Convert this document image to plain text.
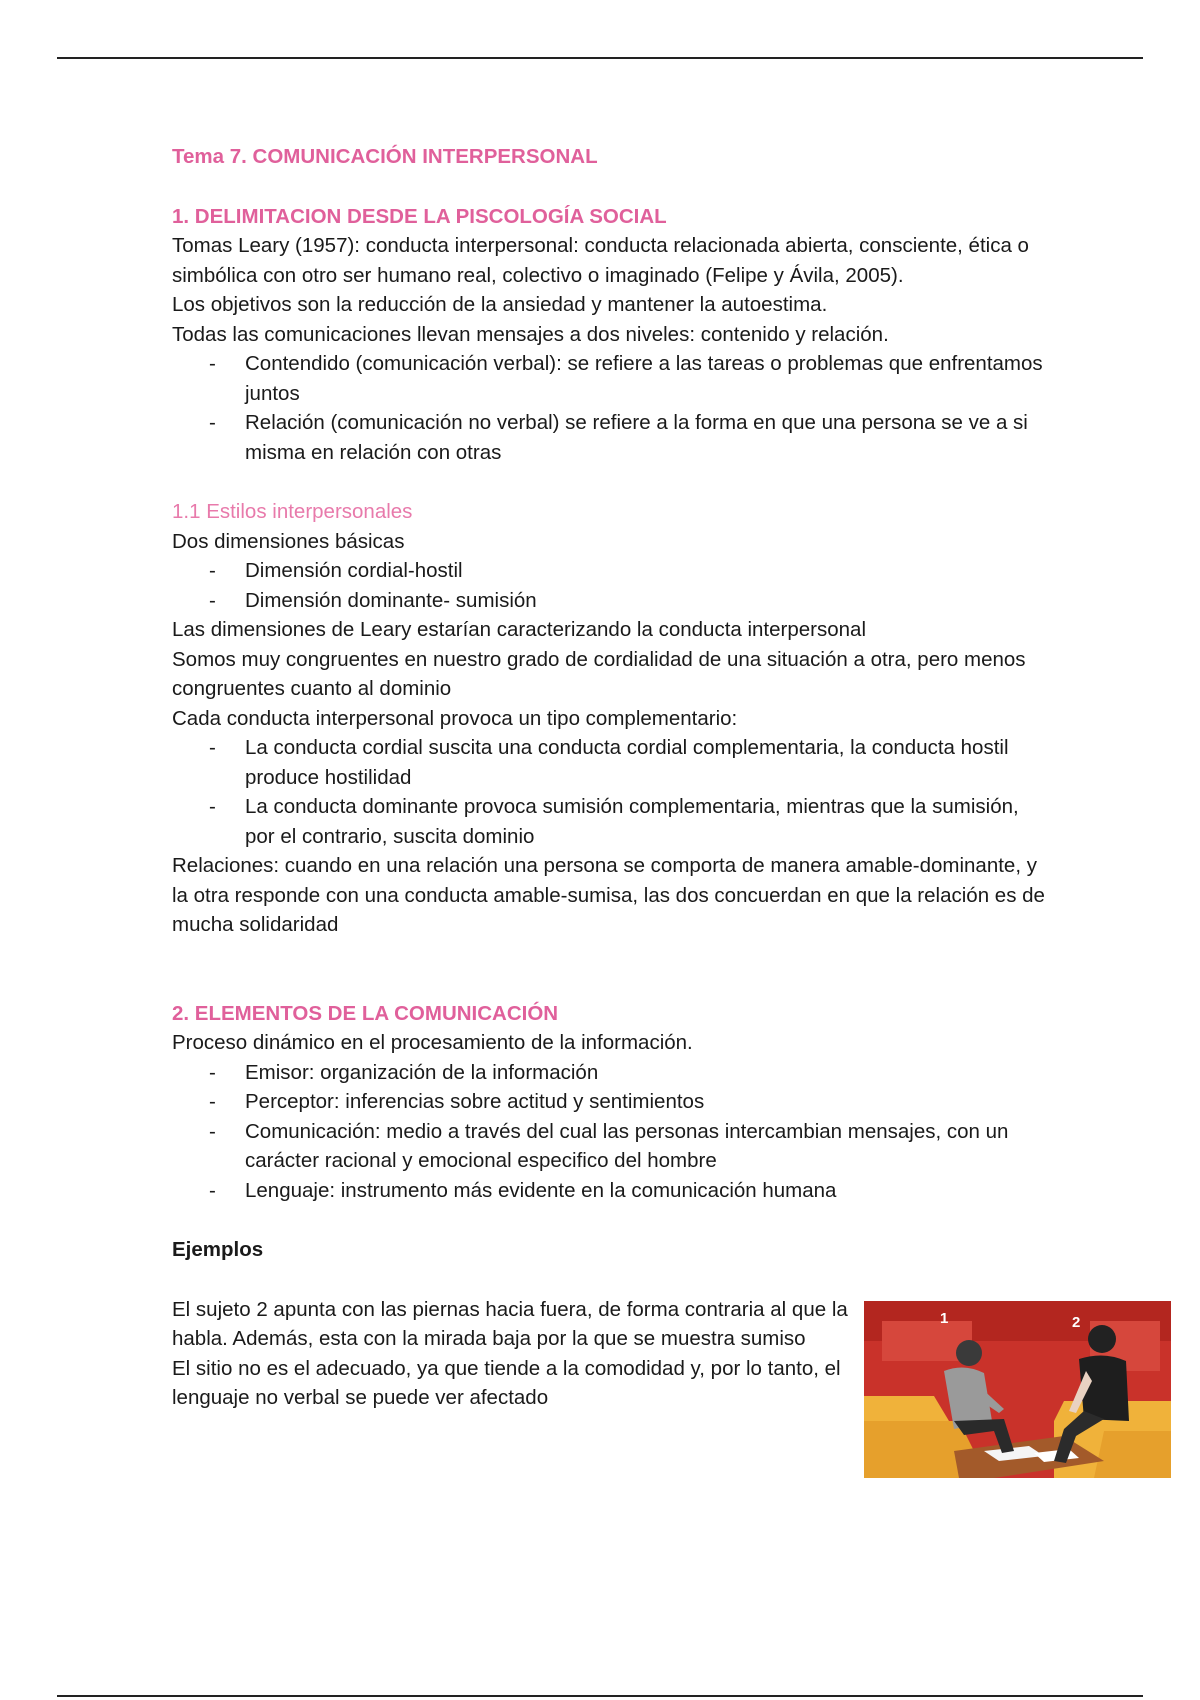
Tema 7. COMUNICACIÓN INTERPERSONAL

1. DELIMITACION DESDE LA PISCOLOGÍA SOCIAL

Tomas Leary (1957): conducta interpersonal: conducta relacionada abierta, consciente, ética o simbólica con otro ser humano real, colectivo o imaginado (Felipe y Ávila, 2005).

Los objetivos son la reducción de la ansiedad y mantener la autoestima.

Todas las comunicaciones llevan mensajes a dos niveles: contenido y relación.

- Contendido (comunicación verbal): se refiere a las tareas o problemas que enfrentamos juntos
- Relación (comunicación no verbal) se refiere a la forma en que una persona se ve a si misma en relación con otras

1.1 Estilos interpersonales

Dos dimensiones básicas

- Dimensión cordial-hostil
- Dimensión dominante- sumisión

Las dimensiones de Leary estarían caracterizando la conducta interpersonal

Somos muy congruentes en nuestro grado de cordialidad de una situación a otra, pero menos congruentes cuanto al dominio

Cada conducta interpersonal provoca un tipo complementario:

- La conducta cordial suscita una conducta cordial complementaria, la conducta hostil produce hostilidad
- La conducta dominante provoca sumisión complementaria, mientras que la sumisión, por el contrario, suscita dominio

Relaciones: cuando en una relación una persona se comporta de manera amable-dominante, y la otra responde con una conducta amable-sumisa, las dos concuerdan en que la relación es de mucha solidaridad

2. ELEMENTOS DE LA COMUNICACIÓN

Proceso dinámico en el procesamiento de la información.

- Emisor: organización de la información
- Perceptor: inferencias sobre actitud y sentimientos
- Comunicación: medio a través del cual las personas intercambian mensajes, con un carácter racional y emocional especifico del hombre
- Lenguaje: instrumento más evidente en la comunicación humana

Ejemplos

El sujeto 2 apunta con las piernas hacia fuera, de forma contraria al que la habla. Además, esta con la mirada baja por la que se muestra sumiso

El sitio no es el adecuado, ya que tiende a la comodidad y, por lo tanto, el lenguaje no verbal se puede ver afectado

1	2
